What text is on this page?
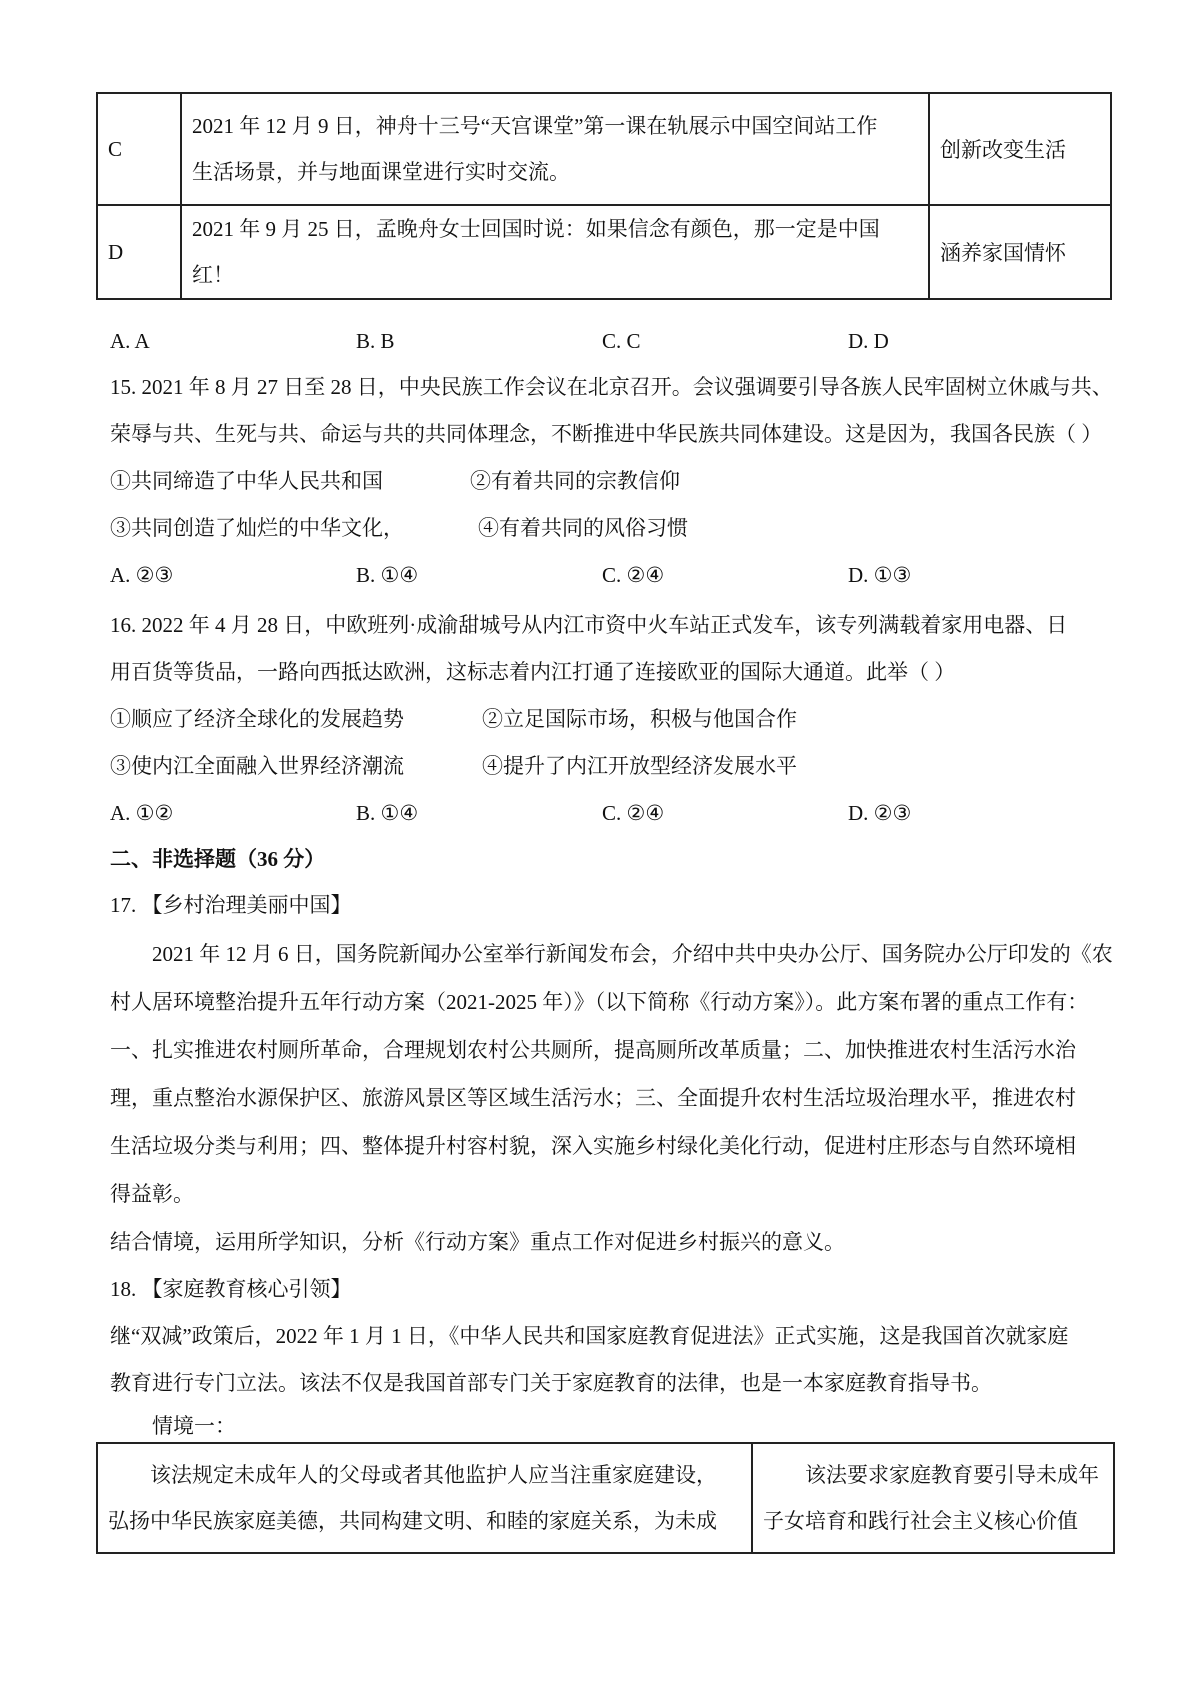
C	2021 年 12 月 9 日，神舟十三号“天宫课堂”第一课在轨展示中国空间站工作
生活场景，并与地面课堂进行实时交流。	创新改变生活
D	2021 年 9 月 25 日，孟晚舟女士回国时说：如果信念有颜色，那一定是中国红！	涵养家国情怀
A. A	B. B	C. C	D. D
15. 2021 年 8 月 27 日至 28 日，中央民族工作会议在北京召开。会议强调要引导各族人民牢固树立休戚与共、
荣辱与共、生死与共、命运与共的共同体理念，不断推进中华民族共同体建设。这是因为，我国各民族（ ）
①共同缔造了中华人民共和国	②有着共同的宗教信仰
③共同创造了灿烂的中华文化，	④有着共同的风俗习惯
A. ②③	B. ①④	C. ②④	D. ①③
16. 2022 年 4 月 28 日，中欧班列·成渝甜城号从内江市资中火车站正式发车，该专列满载着家用电器、日
用百货等货品，一路向西抵达欧洲，这标志着内江打通了连接欧亚的国际大通道。此举（ ）
①顺应了经济全球化的发展趋势	②立足国际市场，积极与他国合作
③使内江全面融入世界经济潮流	④提升了内江开放型经济发展水平
A. ①②	B. ①④	C. ②④	D. ②③
二、非选择题（36 分）
17. 【乡村治理美丽中国】
2021 年 12 月 6 日，国务院新闻办公室举行新闻发布会，介绍中共中央办公厅、国务院办公厅印发的《农
村人居环境整治提升五年行动方案（2021-2025 年）》（以下简称《行动方案》）。此方案布署的重点工作有：
一、扎实推进农村厕所革命，合理规划农村公共厕所，提高厕所改革质量；二、加快推进农村生活污水治
理，重点整治水源保护区、旅游风景区等区域生活污水；三、全面提升农村生活垃圾治理水平，推进农村
生活垃圾分类与利用；四、整体提升村容村貌，深入实施乡村绿化美化行动，促进村庄形态与自然环境相
得益彰。
结合情境，运用所学知识，分析《行动方案》重点工作对促进乡村振兴的意义。
18. 【家庭教育核心引领】
继“双减”政策后，2022 年 1 月 1 日，《中华人民共和国家庭教育促进法》正式实施，这是我国首次就家庭
教育进行专门立法。该法不仅是我国首部专门关于家庭教育的法律，也是一本家庭教育指导书。
情境一：
该法规定未成年人的父母或者其他监护人应当注重家庭建设，
弘扬中华民族家庭美德，共同构建文明、和睦的家庭关系，为未成

该法要求家庭教育要引导未成年
子女培育和践行社会主义核心价值
